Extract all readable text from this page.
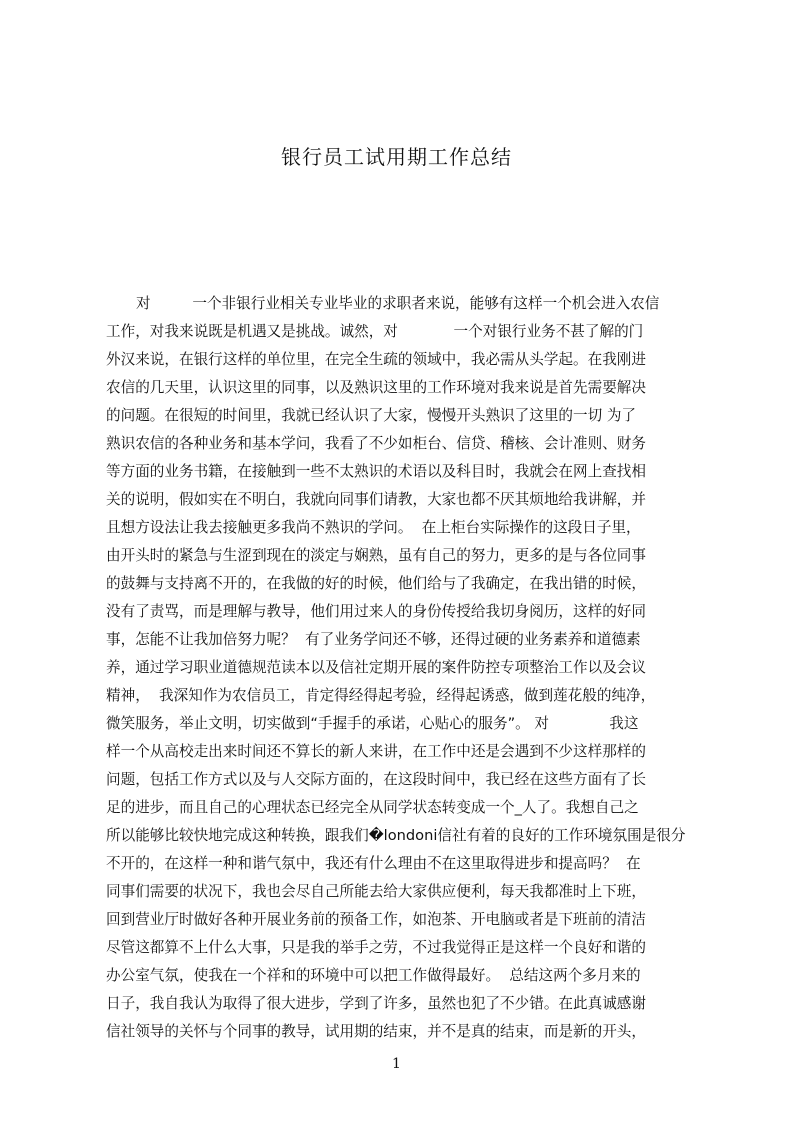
银行员工试用期工作总结
对         一个非银行业相关专业毕业的求职者来说，能够有这样一个机会进入农信
工作，对我来说既是机遇又是挑战。诚然，对            一个对银行业务不甚了解的门
外汉来说，在银行这样的单位里，在完全生疏的领域中，我必需从头学起。在我刚进
农信的几天里，认识这里的同事，以及熟识这里的工作环境对我来说是首先需要解决
的问题。在很短的时间里，我就已经认识了大家，慢慢开头熟识了这里的一切 为了
熟识农信的各种业务和基本学问，我看了不少如柜台、信贷、稽核、会计准则、财务
等方面的业务书籍，在接触到一些不太熟识的术语以及科目时，我就会在网上查找相
关的说明，假如实在不明白，我就向同事们请教，大家也都不厌其烦地给我讲解，并
且想方设法让我去接触更多我尚不熟识的学问。  在上柜台实际操作的这段日子里，
由开头时的紧急与生涩到现在的淡定与娴熟，虽有自己的努力，更多的是与各位同事
的鼓舞与支持离不开的，在我做的好的时候，他们给与了我确定，在我出错的时候，
没有了责骂，而是理解与教导，他们用过来人的身份传授给我切身阅历，这样的好同
事，怎能不让我加倍努力呢？  有了业务学问还不够，还得过硬的业务素养和道德素
养，通过学习职业道德规范读本以及信社定期开展的案件防控专项整治工作以及会议
精神，  我深知作为农信员工，肯定得经得起考验，经得起诱惑，做到莲花般的纯净，
微笑服务，举止文明，切实做到“手握手的承诺，心贴心的服务”。 对             我这
样一个从高校走出来时间还不算长的新人来讲，在工作中还是会遇到不少这样那样的
问题，包括工作方式以及与人交际方面的，在这段时间中，我已经在这些方面有了长
足的进步，而且自己的心理状态已经完全从同学状态转变成一个_人了。我想自己之
所以能够比较快地完成这种转换，跟我们�londoni信社有着的良好的工作环境氛围是很分
不开的，在这样一种和谐气氛中，我还有什么理由不在这里取得进步和提高吗？  在
同事们需要的状况下，我也会尽自己所能去给大家供应便利，每天我都准时上下班，
回到营业厅时做好各种开展业务前的预备工作，如泡茶、开电脑或者是下班前的清洁
尽管这都算不上什么大事，只是我的举手之劳，不过我觉得正是这样一个良好和谐的
办公室气氛，使我在一个祥和的环境中可以把工作做得最好。  总结这两个多月来的
日子，我自我认为取得了很大进步，学到了许多，虽然也犯了不少错。在此真诚感谢
信社领导的关怀与个同事的教导，试用期的结束，并不是真的结束，而是新的开头，
1
